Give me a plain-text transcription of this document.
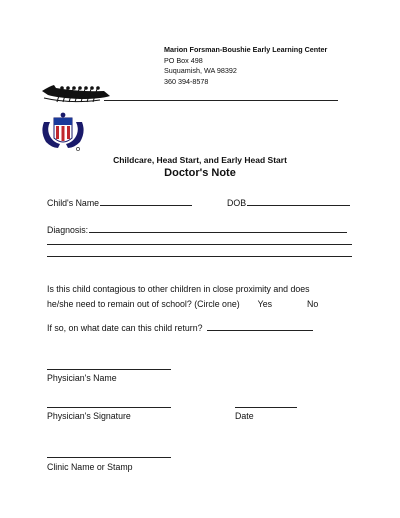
Marion Forsman-Boushie Early Learning Center
PO Box 498
Suquamish, WA 98392
360 394-8578
Childcare, Head Start, and Early Head Start
Doctor's Note
Child's Name	DOB
Diagnosis:
Is this child contagious to other children in close proximity and does
he/she need to remain out of school? (Circle one) Yes	No
If so, on what date can this child return?
Physician's Name
Physician's Signature	Date
Clinic Name or Stamp
